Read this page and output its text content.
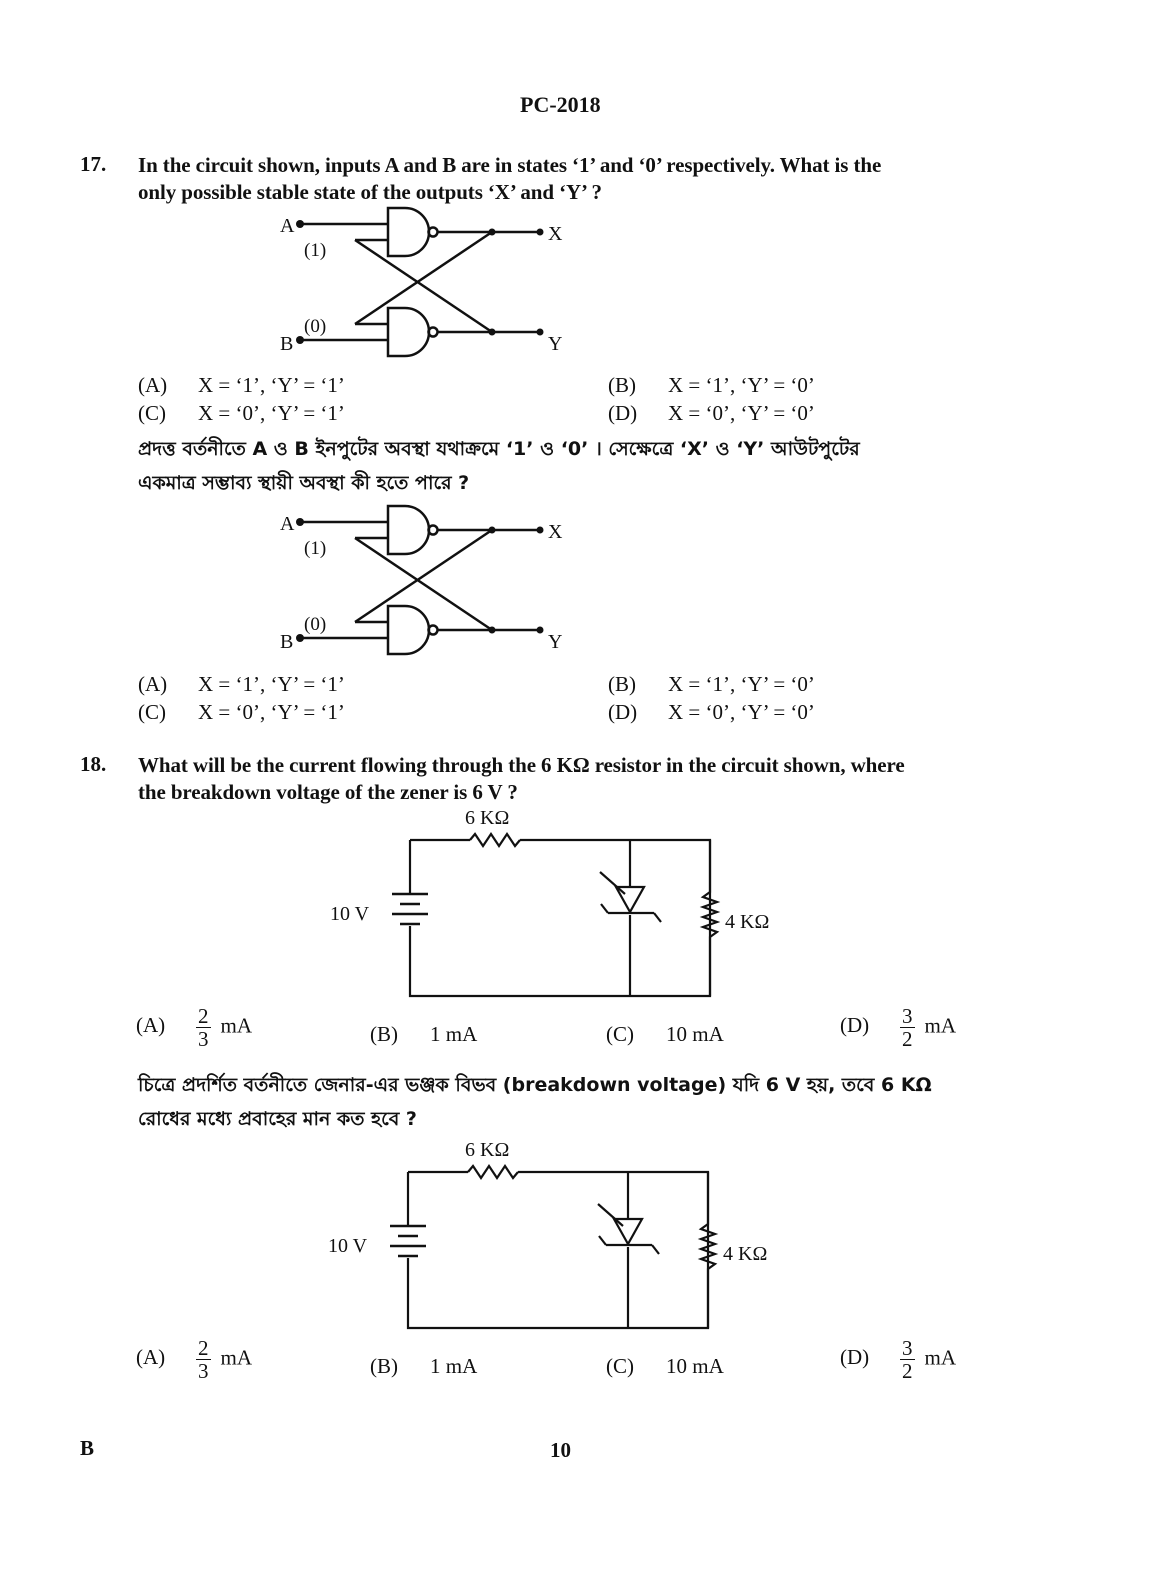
PC-2018
17. In the circuit shown, inputs A and B are in states ‘1’ and ‘0’ respectively. What is the
only possible stable state of the outputs ‘X’ and ‘Y’ ?
A
(1)
(0)
B
X
Y
(A) X = ‘1’, ‘Y’ = ‘1’	(B) X = ‘1’, ‘Y’ = ‘0’
(C) X = ‘0’, ‘Y’ = ‘1’	(D) X = ‘0’, ‘Y’ = ‘0’
প্রদত্ত বর্তনীতে A ও B ইনপুটের অবস্থা যথাক্রমে ‘1’ ও ‘0’ । সেক্ষেত্রে ‘X’ ও ‘Y’ আউটপুটের
একমাত্র সম্ভাব্য স্থায়ী অবস্থা কী হতে পারে ?
A
(1)
(0)
B
X
Y
(A) X = ‘1’, ‘Y’ = ‘1’	(B) X = ‘1’, ‘Y’ = ‘0’
(C) X = ‘0’, ‘Y’ = ‘1’	(D) X = ‘0’, ‘Y’ = ‘0’
18. What will be the current flowing through the 6 KΩ resistor in the circuit shown, where
the breakdown voltage of the zener is 6 V ?
6 KΩ
10 V	4 KΩ
$(A) \frac{2}{3}$ mA	(B) 1 mA	(C) 10 mA	$(D) \frac{3}{2}$ mA
চিত্রে প্রদর্শিত বর্তনীতে জেনার-এর ভঞ্জক বিভব (breakdown voltage) যদি 6 V হয়, তবে 6 KΩ
রোধের মধ্যে প্রবাহের মান কত হবে ?
6 KΩ
10 V	4 KΩ
$(A) \frac{2}{3}$ mA	(B) 1 mA	(C) 10 mA	$(D) \frac{3}{2}$ mA
B	10
